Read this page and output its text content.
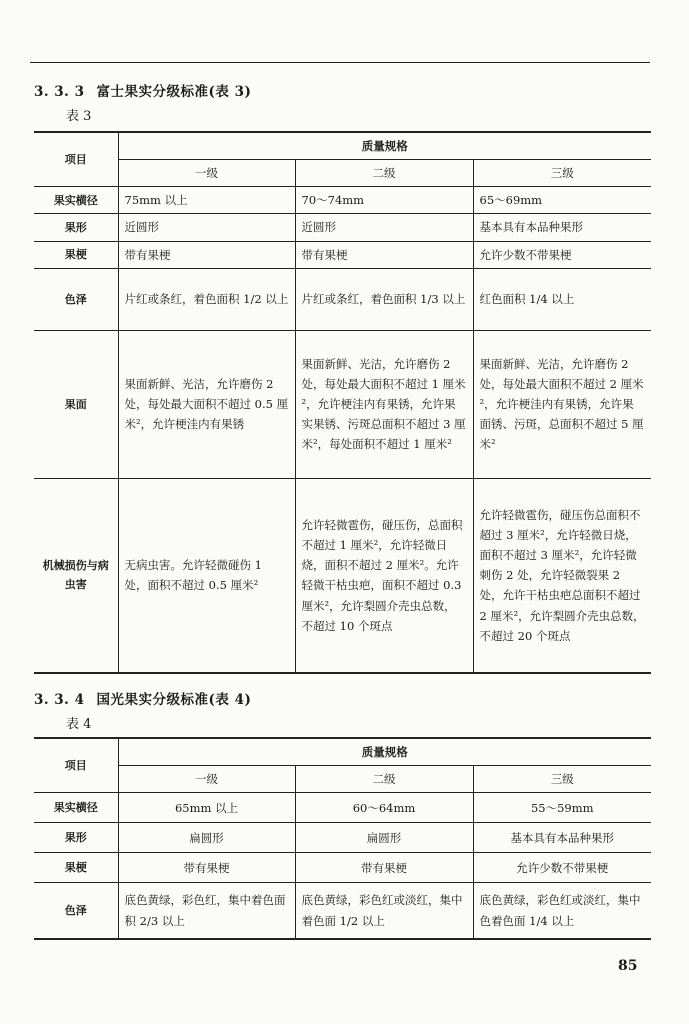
3. 3. 3 富士果实分级标准(表 3)
表 3
项目	质量规格		
	一级	二级	三级
果实横径	75mm 以上	70～74mm	65～69mm
果形	近圆形	近圆形	基本具有本品种果形
果梗	带有果梗	带有果梗	允许少数不带果梗
色泽	片红或条红，着色面积 1/2 以上	片红或条红，着色面积 1/3 以上	红色面积 1/4 以上
果面	果面新鲜、光洁，允许磨伤 2 处，每处最大面积不超过 0.5 厘米²，允许梗洼内有果锈	果面新鲜、光洁，允许磨伤 2 处，每处最大面积不超过 1 厘米²，允许梗洼内有果锈，允许果实果锈、污斑总面积不超过 3 厘米²，每处面积不超过 1 厘米²	果面新鲜、光洁，允许磨伤 2 处，每处最大面积不超过 2 厘米²，允许梗洼内有果锈，允许果面锈、污斑，总面积不超过 5 厘米²
机械损伤与病虫害	无病虫害。允许轻微碰伤 1 处，面积不超过 0.5 厘米²	允许轻微雹伤，碰压伤，总面积不超过 1 厘米²，允许轻微日烧，面积不超过 2 厘米²。允许轻微干枯虫疤，面积不超过 0.3 厘米²，允许梨圆介壳虫总数，不超过 10 个斑点	允许轻微雹伤，碰压伤总面积不超过 3 厘米²，允许轻微日烧，面积不超过 3 厘米²，允许轻微刺伤 2 处，允许轻微裂果 2 处，允许干枯虫疤总面积不超过 2 厘米²，允许梨圆介壳虫总数，不超过 20 个斑点
3. 3. 4 国光果实分级标准(表 4)
表 4
项目	质量规格		
	一级	二级	三级
果实横径	65mm 以上	60～64mm	55～59mm
果形	扁圆形	扁圆形	基本具有本品种果形
果梗	带有果梗	带有果梗	允许少数不带果梗
色泽	底色黄绿，彩色红，集中着色面积 2/3 以上	底色黄绿，彩色红或淡红，集中着色面 1/2 以上	底色黄绿，彩色红或淡红，集中色着色面 1/4 以上
85
